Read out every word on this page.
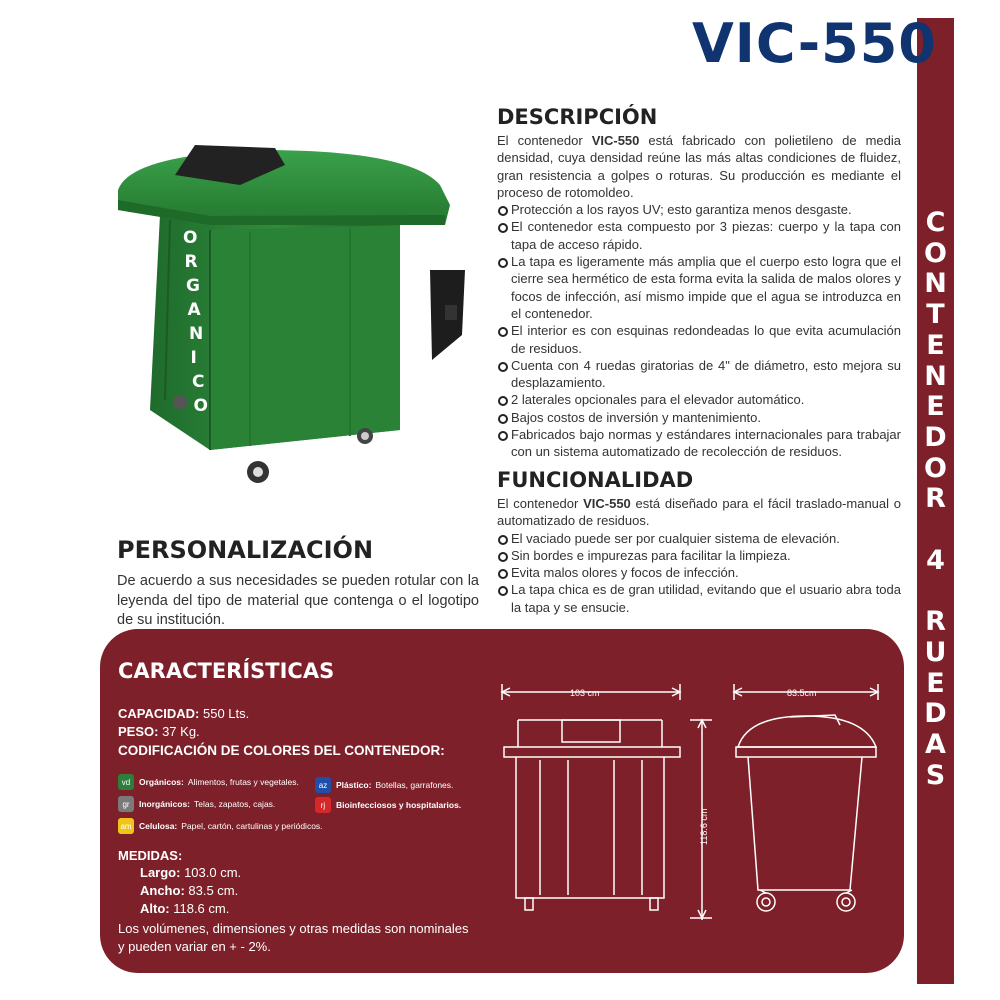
C
O
N
T
E
N
E
D
O
R

4

R
U
E
D
A
S
VIC-550
O R G A N I C O
DESCRIPCIÓN

El contenedor VIC-550 está fabricado con polietileno de media densidad, cuya densidad reúne las más altas condiciones de fluidez, gran resistencia a golpes o roturas. Su producción es mediante el proceso de rotomoldeo.

Protección a los rayos UV; esto garantiza menos desgaste.
El contenedor esta compuesto por 3 piezas: cuerpo y la tapa con tapa de acceso rápido.
La tapa es ligeramente más amplia que el cuerpo esto logra que el cierre sea hermético de esta forma evita la salida de malos olores y focos de infección, así mismo impide que el agua se introduzca en el contenedor.
El interior es con esquinas redondeadas lo que evita acumulación de residuos.
Cuenta con 4 ruedas giratorias de 4" de diámetro, esto mejora su desplazamiento.
2 laterales opcionales para el elevador automático.
Bajos costos de inversión y mantenimiento.
Fabricados bajo normas y estándares internacionales para trabajar con un sistema automatizado de recolección de residuos.
FUNCIONALIDAD

El contenedor VIC-550 está diseñado para el fácil traslado-manual o automatizado de residuos.

El vaciado puede ser por cualquier sistema de elevación.
Sin bordes e impurezas para facilitar la limpieza.
Evita malos olores y focos de infección.
La tapa chica es de gran utilidad, evitando que el usuario abra toda la tapa y se ensucie.
PERSONALIZACIÓN

De acuerdo a sus necesidades se pueden rotular con la leyenda del tipo de material que contenga o el logotipo de su institución.

CARACTERÍSTICAS
CAPACIDAD: 550 Lts.
PESO: 37 Kg.
CODIFICACIÓN DE COLORES DEL CONTENEDOR:
vd	Orgánicos: Alimentos, frutas y vegetales.
gr	Inorgánicos: Telas, zapatos, cajas.
am Celulosa: Papel, cartón, cartulinas y periódicos.
az	Plástico: Botellas, garrafones.
rj	Bioinfecciosos y hospitalarios.
MEDIDAS:
Largo: 103.0 cm.
Ancho: 83.5 cm.
Alto: 118.6 cm.
Los volúmenes, dimensiones y otras medidas son nominales y pueden variar en + - 2%.
103 cm	83.5cm
118.6 cm
